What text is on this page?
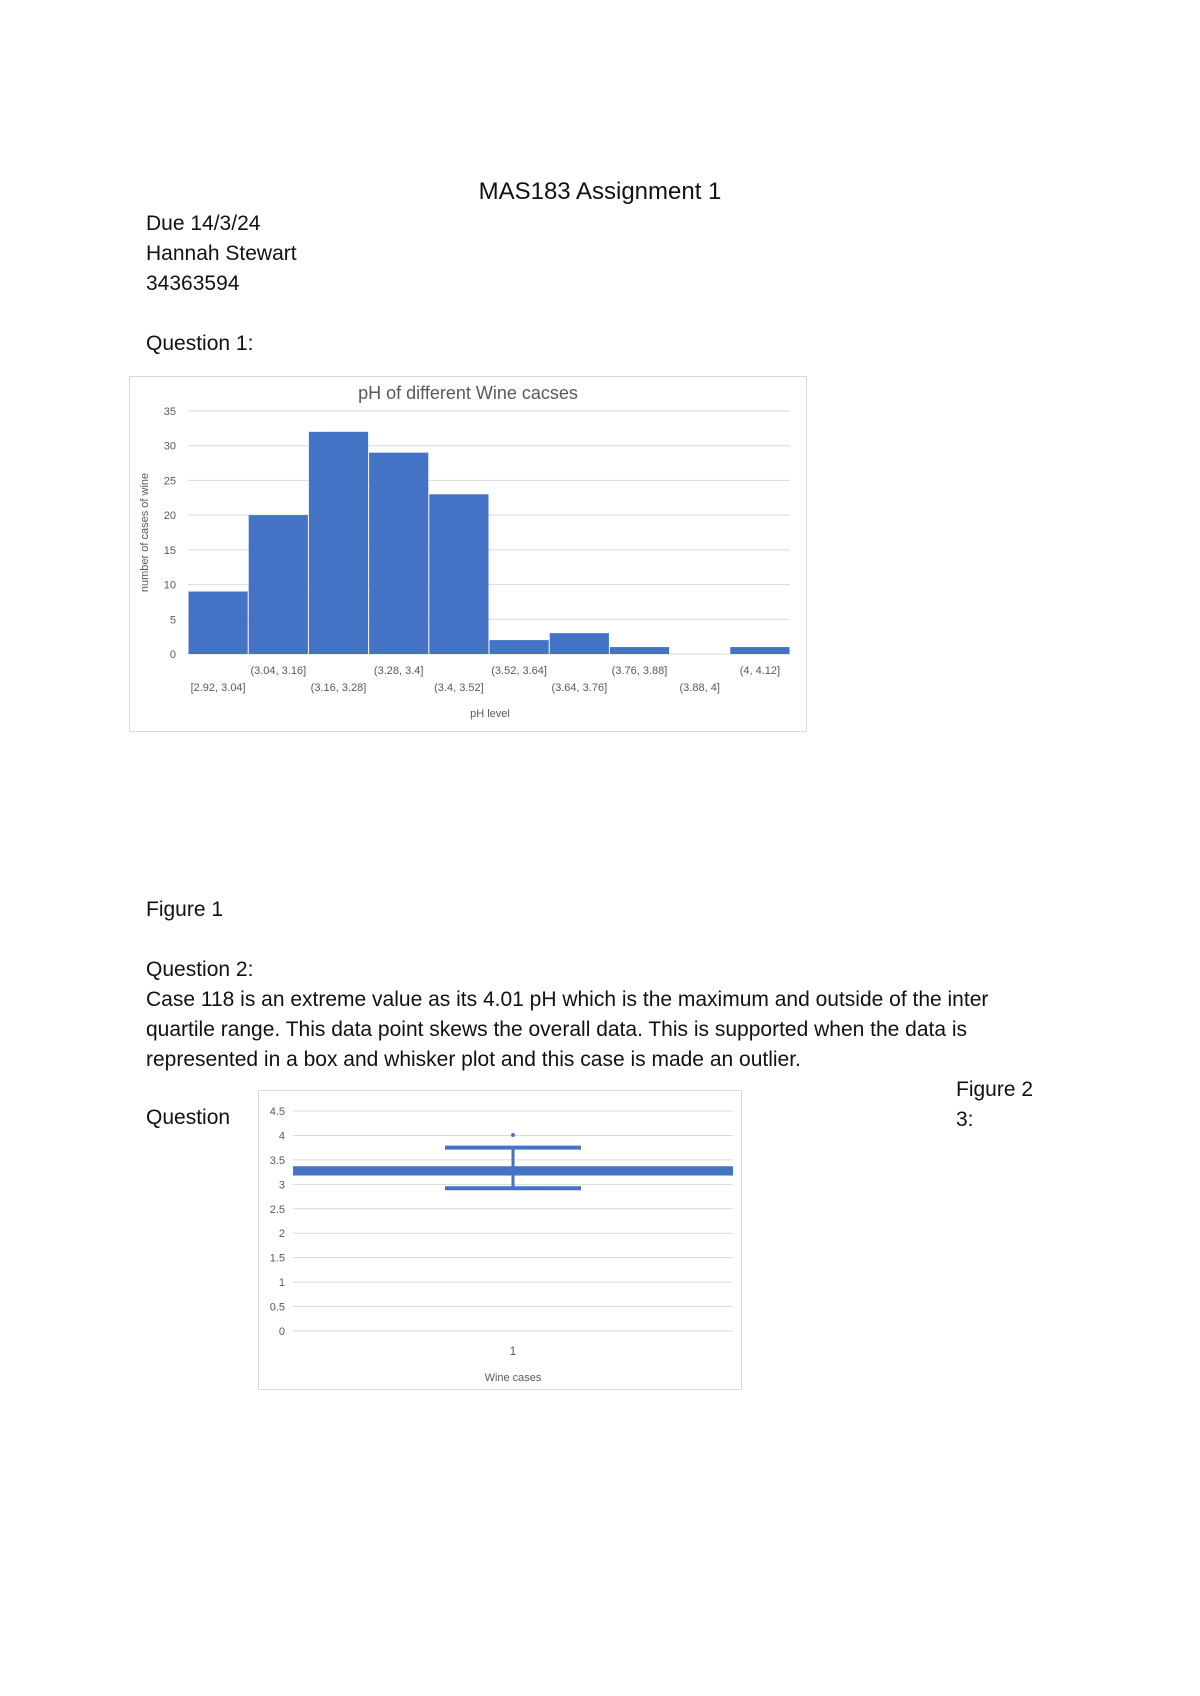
MAS183 Assignment 1
Due 14/3/24
Hannah Stewart
34363594
Question 1:
pH of different Wine cacses
0
5
10
15
20
25
30
35
[2.92, 3.04]
(3.04, 3.16]
(3.16, 3.28]
(3.28, 3.4]
(3.4, 3.52]
(3.52, 3.64]
(3.64, 3.76]
(3.76, 3.88]
(3.88, 4]
(4, 4.12]
pH level
number of cases of wine
Figure 1
Question 2:
Case 118 is an extreme value as its 4.01 pH which is the maximum and outside of the inter quartile range. This data point skews the overall data. This is supported when the data is represented in a box and whisker plot and this case is made an outlier.
Question
Figure 2
3:
0
0.5
1
1.5
2
2.5
3
3.5
4
4.5
1
Wine cases
